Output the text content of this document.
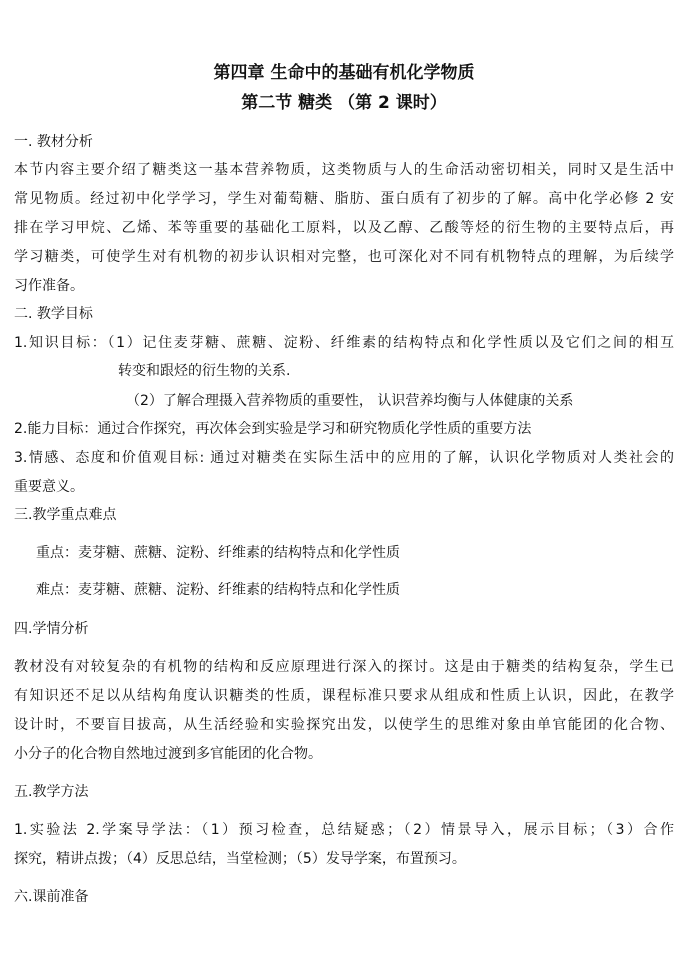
第四章 生命中的基础有机化学物质
第二节 糖类 （第 2 课时）
一. 教材分析
本节内容主要介绍了糖类这一基本营养物质，这类物质与人的生命活动密切相关，同时又是生活中
常见物质。经过初中化学学习，学生对葡萄糖、脂肪、蛋白质有了初步的了解。高中化学必修 2 安
排在学习甲烷、乙烯、苯等重要的基础化工原料，以及乙醇、乙酸等烃的衍生物的主要特点后，再
学习糖类，可使学生对有机物的初步认识相对完整，也可深化对不同有机物特点的理解，为后续学
习作准备。
二. 教学目标
1.知识目标：（1）记住麦芽糖、蔗糖、淀粉、纤维素的结构特点和化学性质以及它们之间的相互
转变和跟烃的衍生物的关系.
（2）了解合理摄入营养物质的重要性， 认识营养均衡与人体健康的关系
2.能力目标：通过合作探究，再次体会到实验是学习和研究物质化学性质的重要方法
3.情感、态度和价值观目标: 通过对糖类在实际生活中的应用的了解，认识化学物质对人类社会的
重要意义。
三.教学重点难点
重点：麦芽糖、蔗糖、淀粉、纤维素的结构特点和化学性质
难点：麦芽糖、蔗糖、淀粉、纤维素的结构特点和化学性质
四.学情分析
教材没有对较复杂的有机物的结构和反应原理进行深入的探讨。这是由于糖类的结构复杂，学生已
有知识还不足以从结构角度认识糖类的性质，课程标准只要求从组成和性质上认识，因此，在教学
设计时，不要盲目拔高，从生活经验和实验探究出发，以使学生的思维对象由单官能团的化合物、
小分子的化合物自然地过渡到多官能团的化合物。
五.教学方法
1.实验法 2.学案导学法：（1）预习检查，总结疑惑；（2）情景导入，展示目标；（3）合作
探究，精讲点拨；（4）反思总结，当堂检测；（5）发导学案，布置预习。
六.课前准备
